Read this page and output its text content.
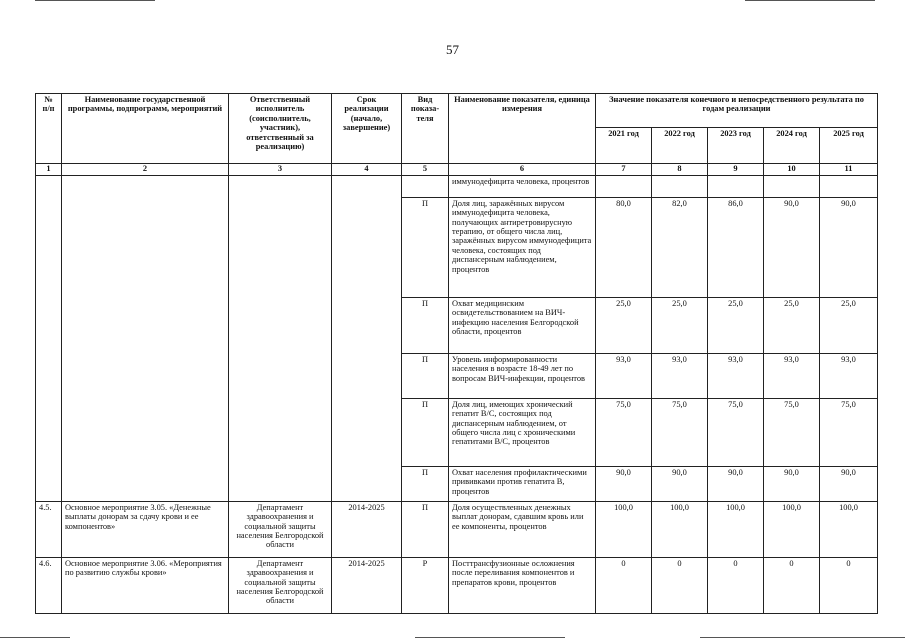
57
№
п/п	Наименование государственной программы, подпрограмм, мероприятий	Ответственный исполнитель (соисполнитель, участник), ответственный за реализацию)	Срок реализации (начало, завершение)	Вид показа-теля	Наименование показателя, единица измерения	Значение показателя конечного и непосредственного результата по годам реализации				
						2021 год	2022 год	2023 год	2024 год	2025 год
1	2	3	4	5	6	7	8	9	10	11
					иммунодефицита человека, процентов					
				П	Доля лиц, заражённых вирусом иммунодефицита человека, получающих антиретровирусную терапию, от общего числа лиц, заражённых вирусом иммунодефицита человека, состоящих под диспансерным наблюдением, процентов	80,0	82,0	86,0	90,0	90,0
				П	Охват медицинским освидетельствованием на ВИЧ-инфекцию населения Белгородской области, процентов	25,0	25,0	25,0	25,0	25,0
				П	Уровень информированности населения в возрасте 18-49 лет по вопросам ВИЧ-инфекции, процентов	93,0	93,0	93,0	93,0	93,0
				П	Доля лиц, имеющих хронический гепатит В/С, состоящих под диспансерным наблюдением, от общего числа лиц с хроническими гепатитами В/С, процентов	75,0	75,0	75,0	75,0	75,0
				П	Охват населения профилактическими прививками против гепатита В, процентов	90,0	90,0	90,0	90,0	90,0
4.5.	Основное мероприятие 3.05. «Денежные выплаты донорам за сдачу крови и ее компонентов»	Департамент здравоохранения и социальной защиты населения Белгородской области	2014-2025	П	Доля осуществленных денежных выплат донорам, сдавшим кровь или ее компоненты, процентов	100,0	100,0	100,0	100,0	100,0
4.6.	Основное мероприятие 3.06. «Мероприятия по развитию службы крови»	Департамент здравоохранения и социальной защиты населения Белгородской области	2014-2025	Р	Посттрансфузионные осложнения после переливания компонентов и препаратов крови, процентов	0	0	0	0	0
